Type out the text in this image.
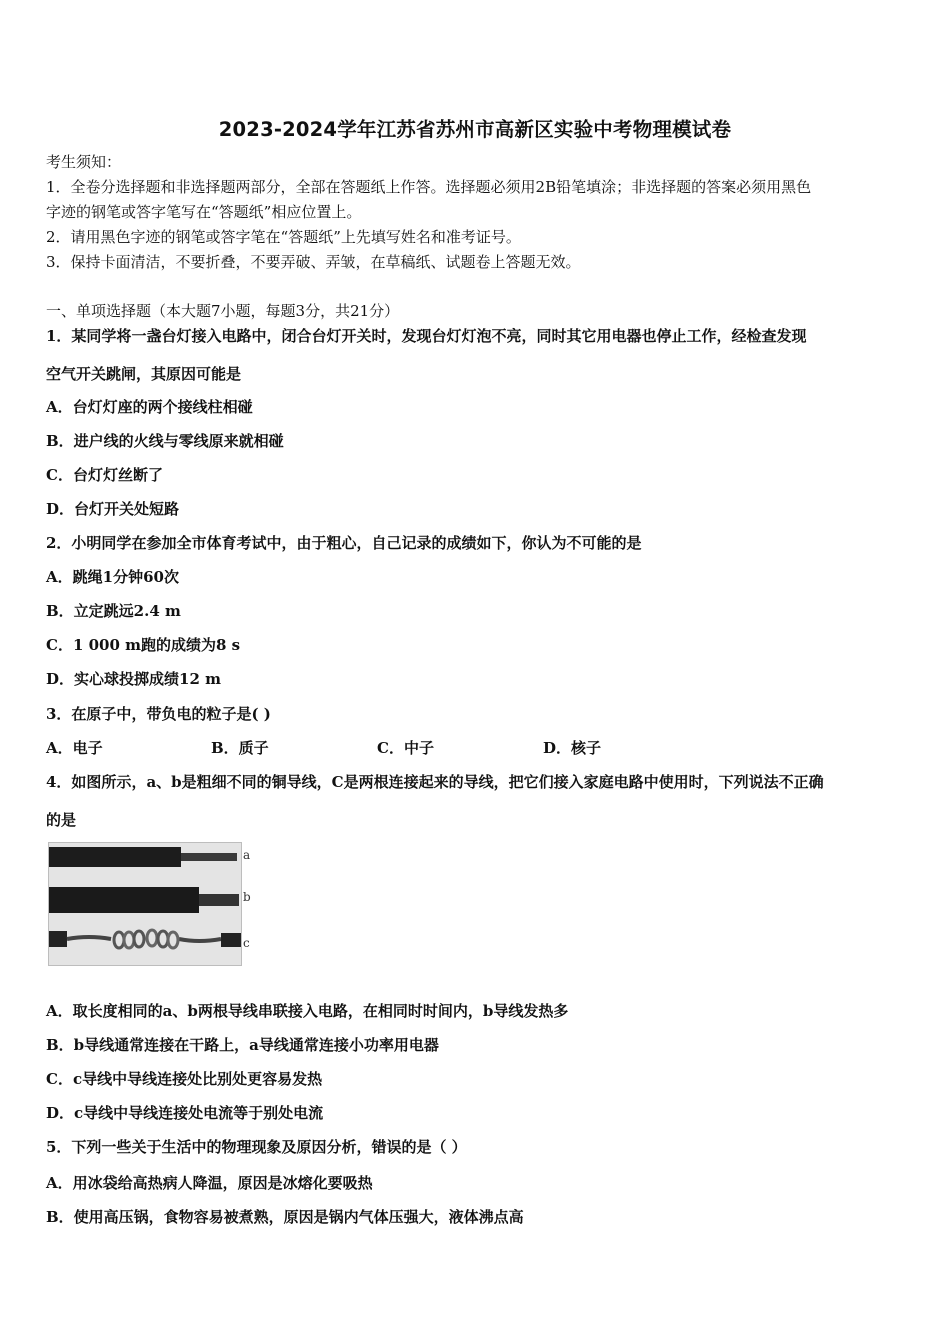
2023-2024学年江苏省苏州市高新区实验中考物理模试卷
考生须知：
1．全卷分选择题和非选择题两部分，全部在答题纸上作答。选择题必须用2B铅笔填涂；非选择题的答案必须用黑色
字迹的钢笔或答字笔写在“答题纸”相应位置上。
2．请用黑色字迹的钢笔或答字笔在“答题纸”上先填写姓名和准考证号。
3．保持卡面清洁，不要折叠，不要弄破、弄皱，在草稿纸、试题卷上答题无效。
一、单项选择题（本大题7小题，每题3分，共21分）
1．某同学将一盏台灯接入电路中，闭合台灯开关时，发现台灯灯泡不亮，同时其它用电器也停止工作，经检查发现
空气开关跳闸，其原因可能是
A．台灯灯座的两个接线柱相碰
B．进户线的火线与零线原来就相碰
C．台灯灯丝断了
D．台灯开关处短路
2．小明同学在参加全市体育考试中，由于粗心，自己记录的成绩如下，你认为不可能的是
A．跳绳1分钟60次
B．立定跳远2.4 m
C．1 000 m跑的成绩为8 s
D．实心球投掷成绩12 m
3．在原子中，带负电的粒子是( )
A．电子	B．质子	C．中子	D．核子
4．如图所示，a、b是粗细不同的铜导线，C是两根连接起来的导线，把它们接入家庭电路中使用时，下列说法不正确
的是
a
b
c
A．取长度相同的a、b两根导线串联接入电路，在相同时时间内，b导线发热多
B．b导线通常连接在干路上，a导线通常连接小功率用电器
C．c导线中导线连接处比别处更容易发热
D．c导线中导线连接处电流等于别处电流
5．下列一些关于生活中的物理现象及原因分析，错误的是（ ）
A．用冰袋给高热病人降温，原因是冰熔化要吸热
B．使用高压锅，食物容易被煮熟，原因是锅内气体压强大，液体沸点高
